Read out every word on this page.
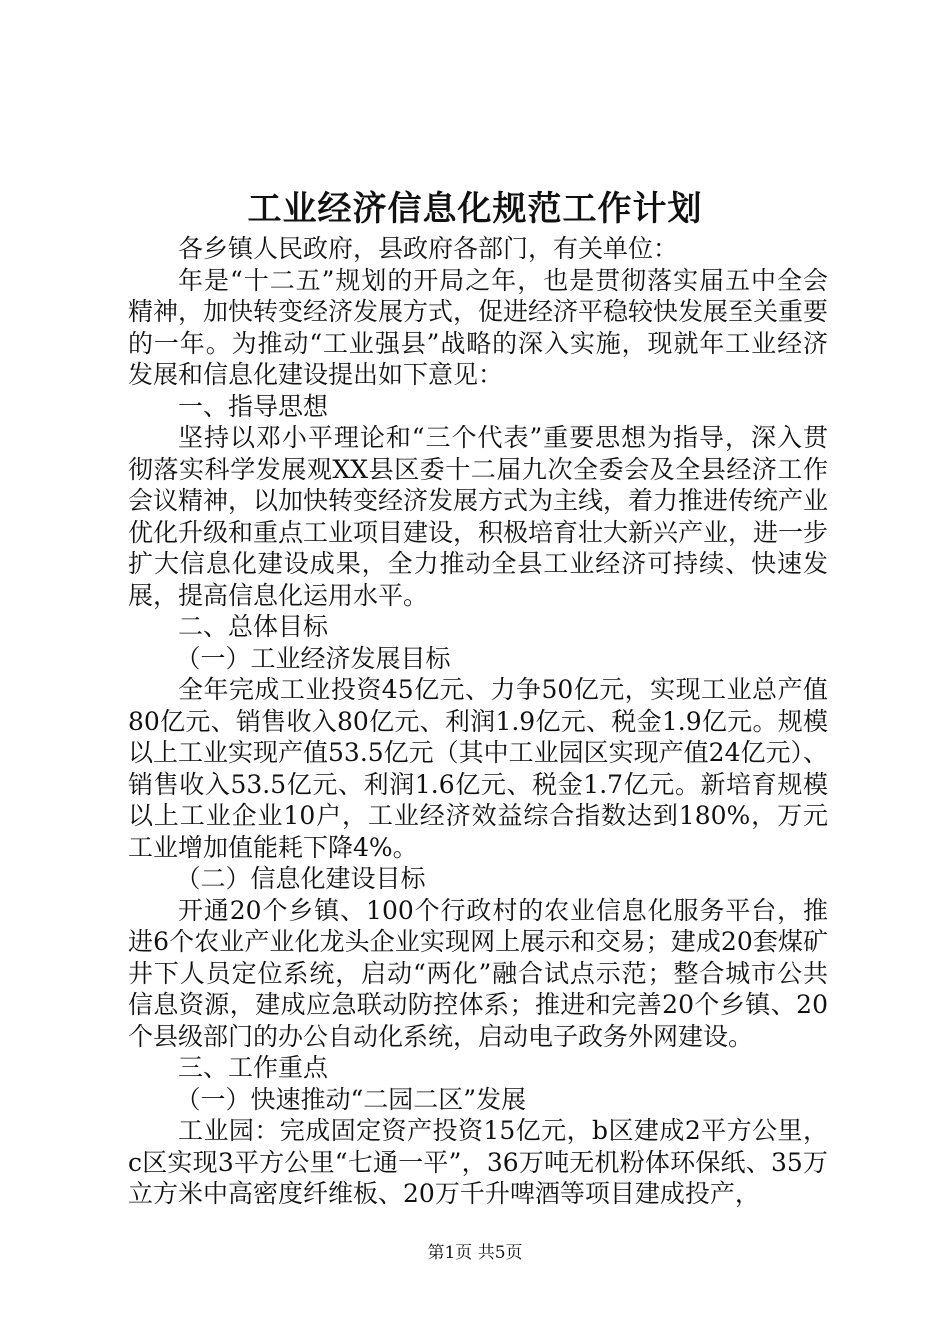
工业经济信息化规范工作计划

各乡镇人民政府，县政府各部门，有关单位：

年是“十二五”规划的开局之年，也是贯彻落实届五中全会精神，加快转变经济发展方式，促进经济平稳较快发展至关重要的一年。为推动“工业强县”战略的深入实施，现就年工业经济发展和信息化建设提出如下意见：

一、指导思想

坚持以邓小平理论和“三个代表”重要思想为指导，深入贯彻落实科学发展观XX县区委十二届九次全委会及全县经济工作会议精神，以加快转变经济发展方式为主线，着力推进传统产业优化升级和重点工业项目建设，积极培育壮大新兴产业，进一步扩大信息化建设成果，全力推动全县工业经济可持续、快速发展，提高信息化运用水平。

二、总体目标

（一）工业经济发展目标

全年完成工业投资45亿元、力争50亿元，实现工业总产值80亿元、销售收入80亿元、利润1.9亿元、税金1.9亿元。规模以上工业实现产值53.5亿元（其中工业园区实现产值24亿元）、销售收入53.5亿元、利润1.6亿元、税金1.7亿元。新培育规模以上工业企业10户，工业经济效益综合指数达到180%，万元工业增加值能耗下降4%。

（二）信息化建设目标

开通20个乡镇、100个行政村的农业信息化服务平台，推进6个农业产业化龙头企业实现网上展示和交易；建成20套煤矿井下人员定位系统，启动“两化”融合试点示范；整合城市公共信息资源，建成应急联动防控体系；推进和完善20个乡镇、20个县级部门的办公自动化系统，启动电子政务外网建设。

三、工作重点

（一）快速推动“二园二区”发展

工业园：完成固定资产投资15亿元，b区建成2平方公里，c区实现3平方公里“七通一平”，36万吨无机粉体环保纸、35万立方米中高密度纤维板、20万千升啤酒等项目建成投产，

第1页 共5页
